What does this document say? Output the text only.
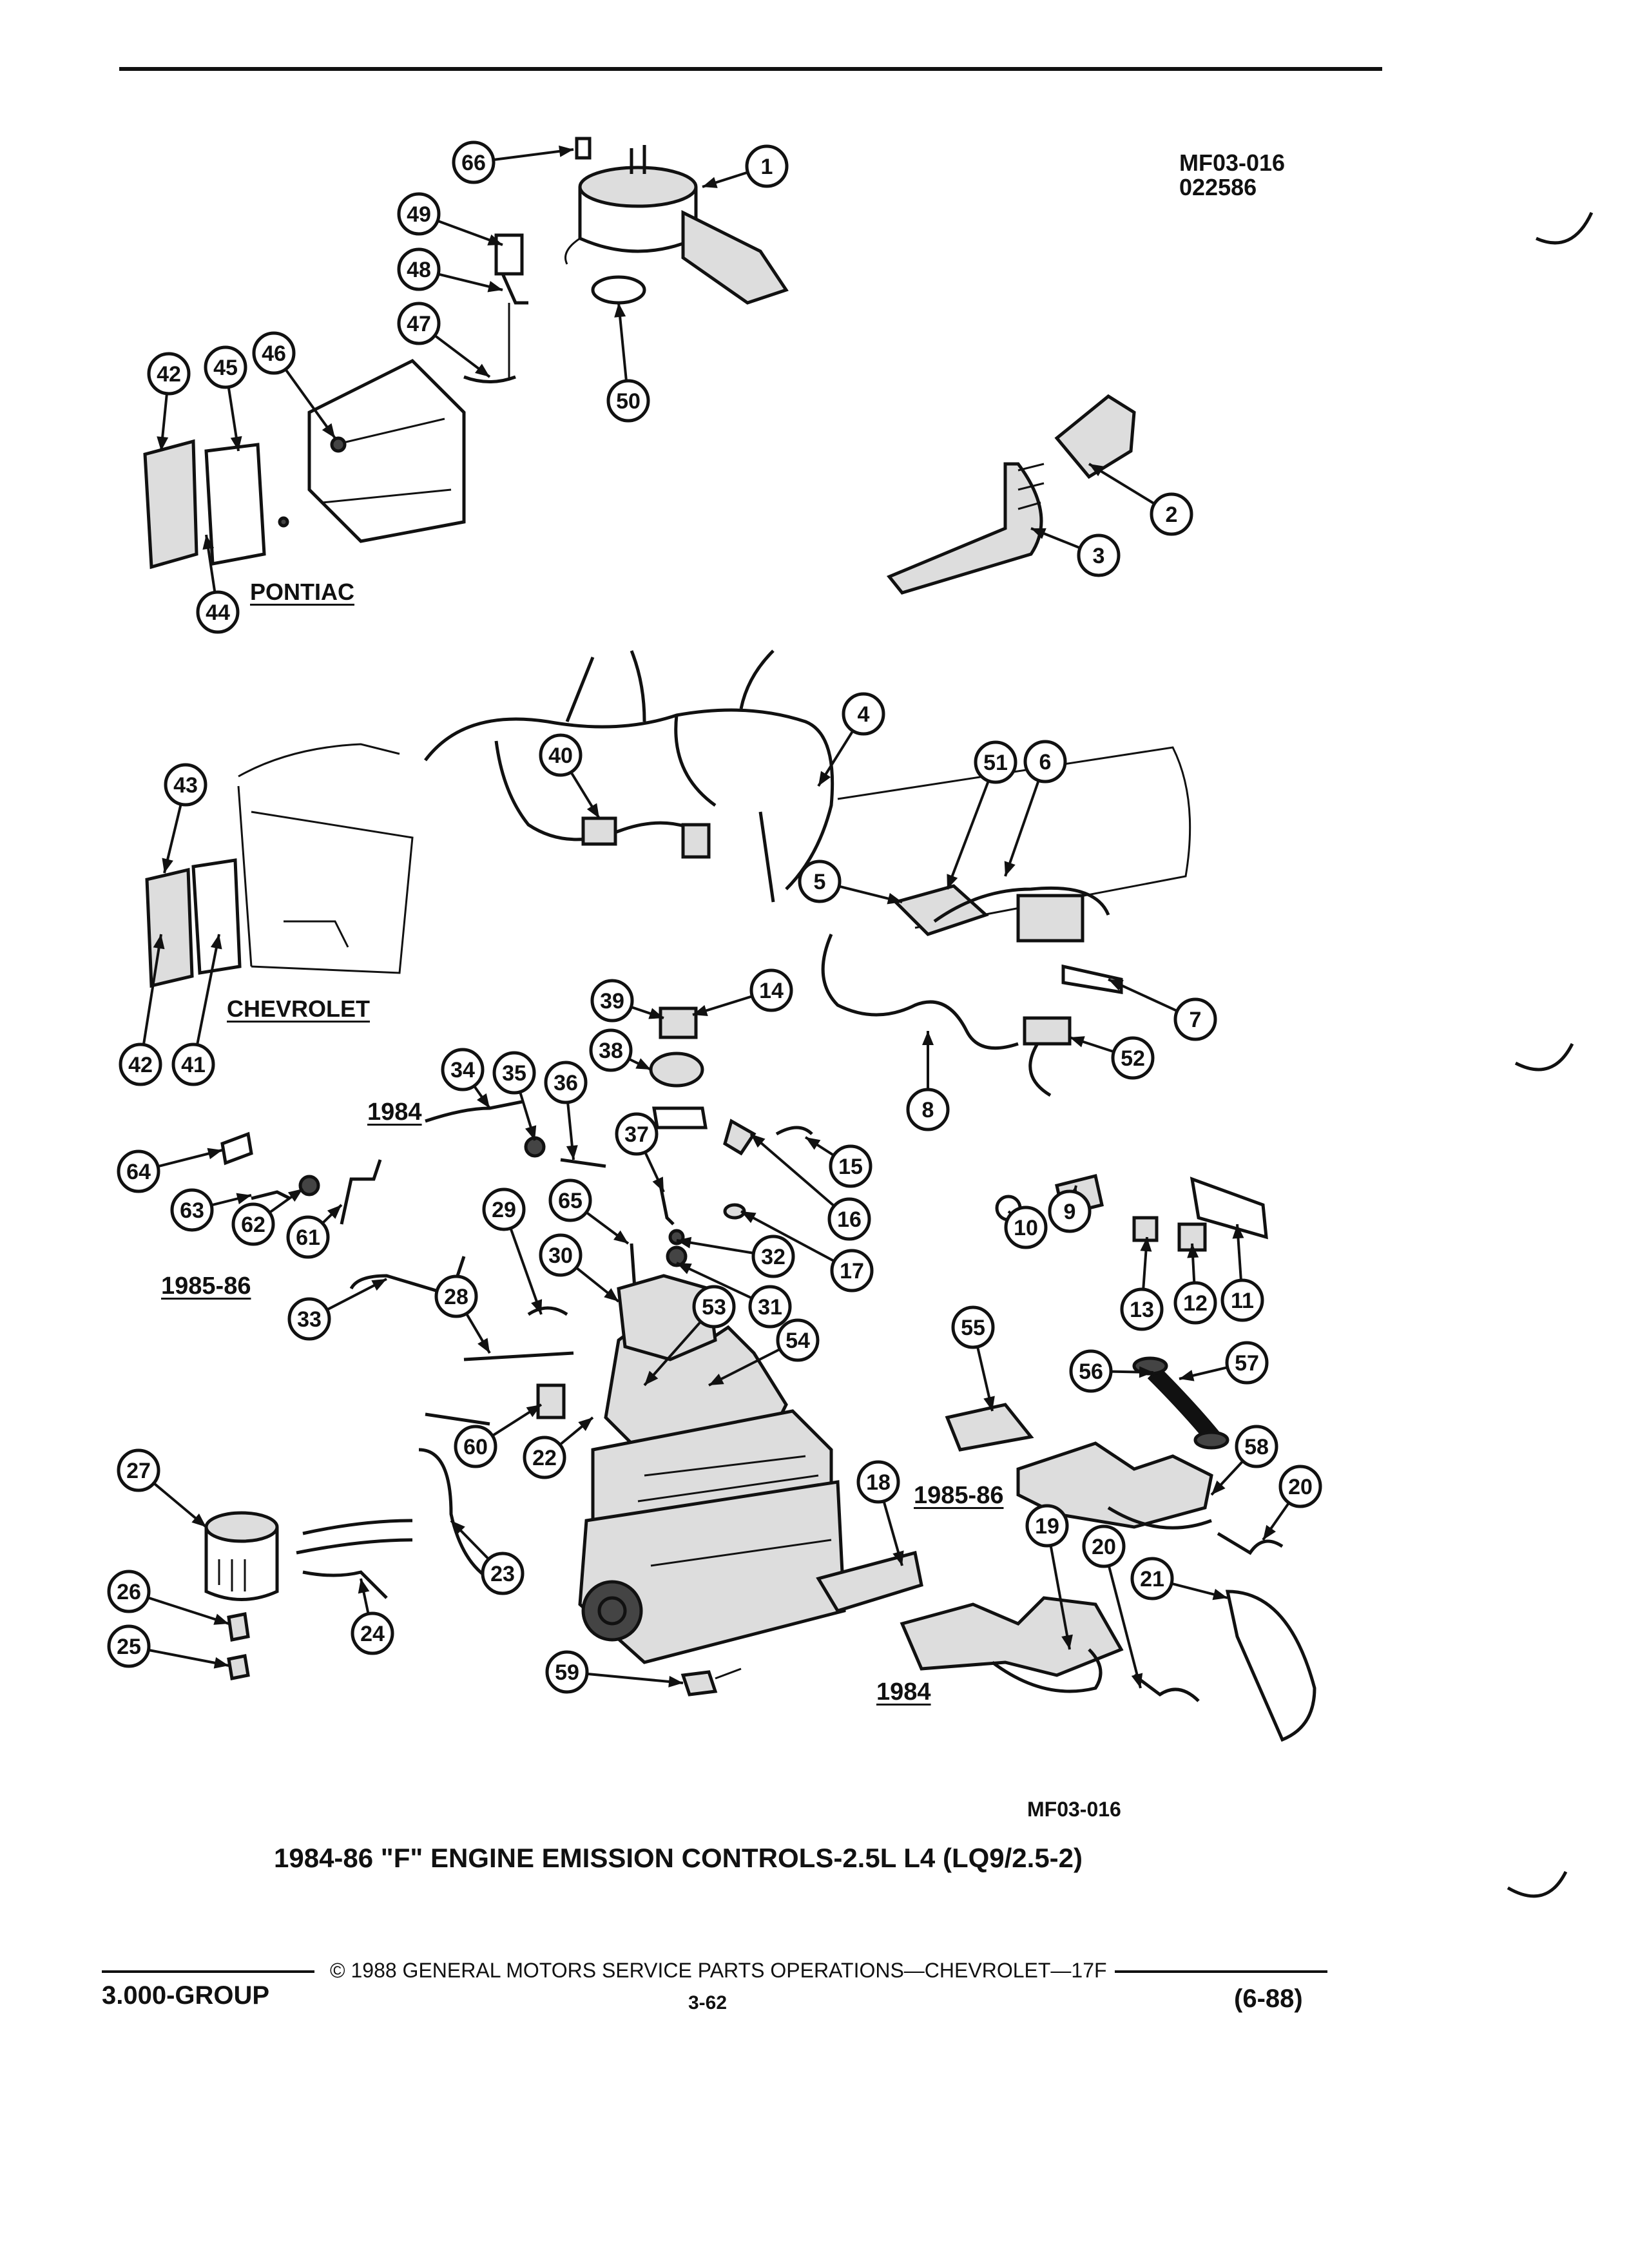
MF03-016
022586
1
2
3
4
5
6
7
8
9
10
11
12
13
14
15
16
17
18
19
20
20
21
22
23
24
25
26
27
28
29
30
31
32
33
34 35 36
37
38
39
40
41
42
42
43
44
45
46
47
48
49
50
51
52
53
54
55
56	57
58
59
60
61
62
63
64
65
66
PONTIAC
CHEVROLET
1984
1985-86
1985-86
1984
MF03-016
1984-86 "F" ENGINE EMISSION CONTROLS-2.5L L4 (LQ9/2.5-2)
© 1988 GENERAL MOTORS SERVICE PARTS OPERATIONS—CHEVROLET—17F
3.000-GROUP	3-62	(6-88)
